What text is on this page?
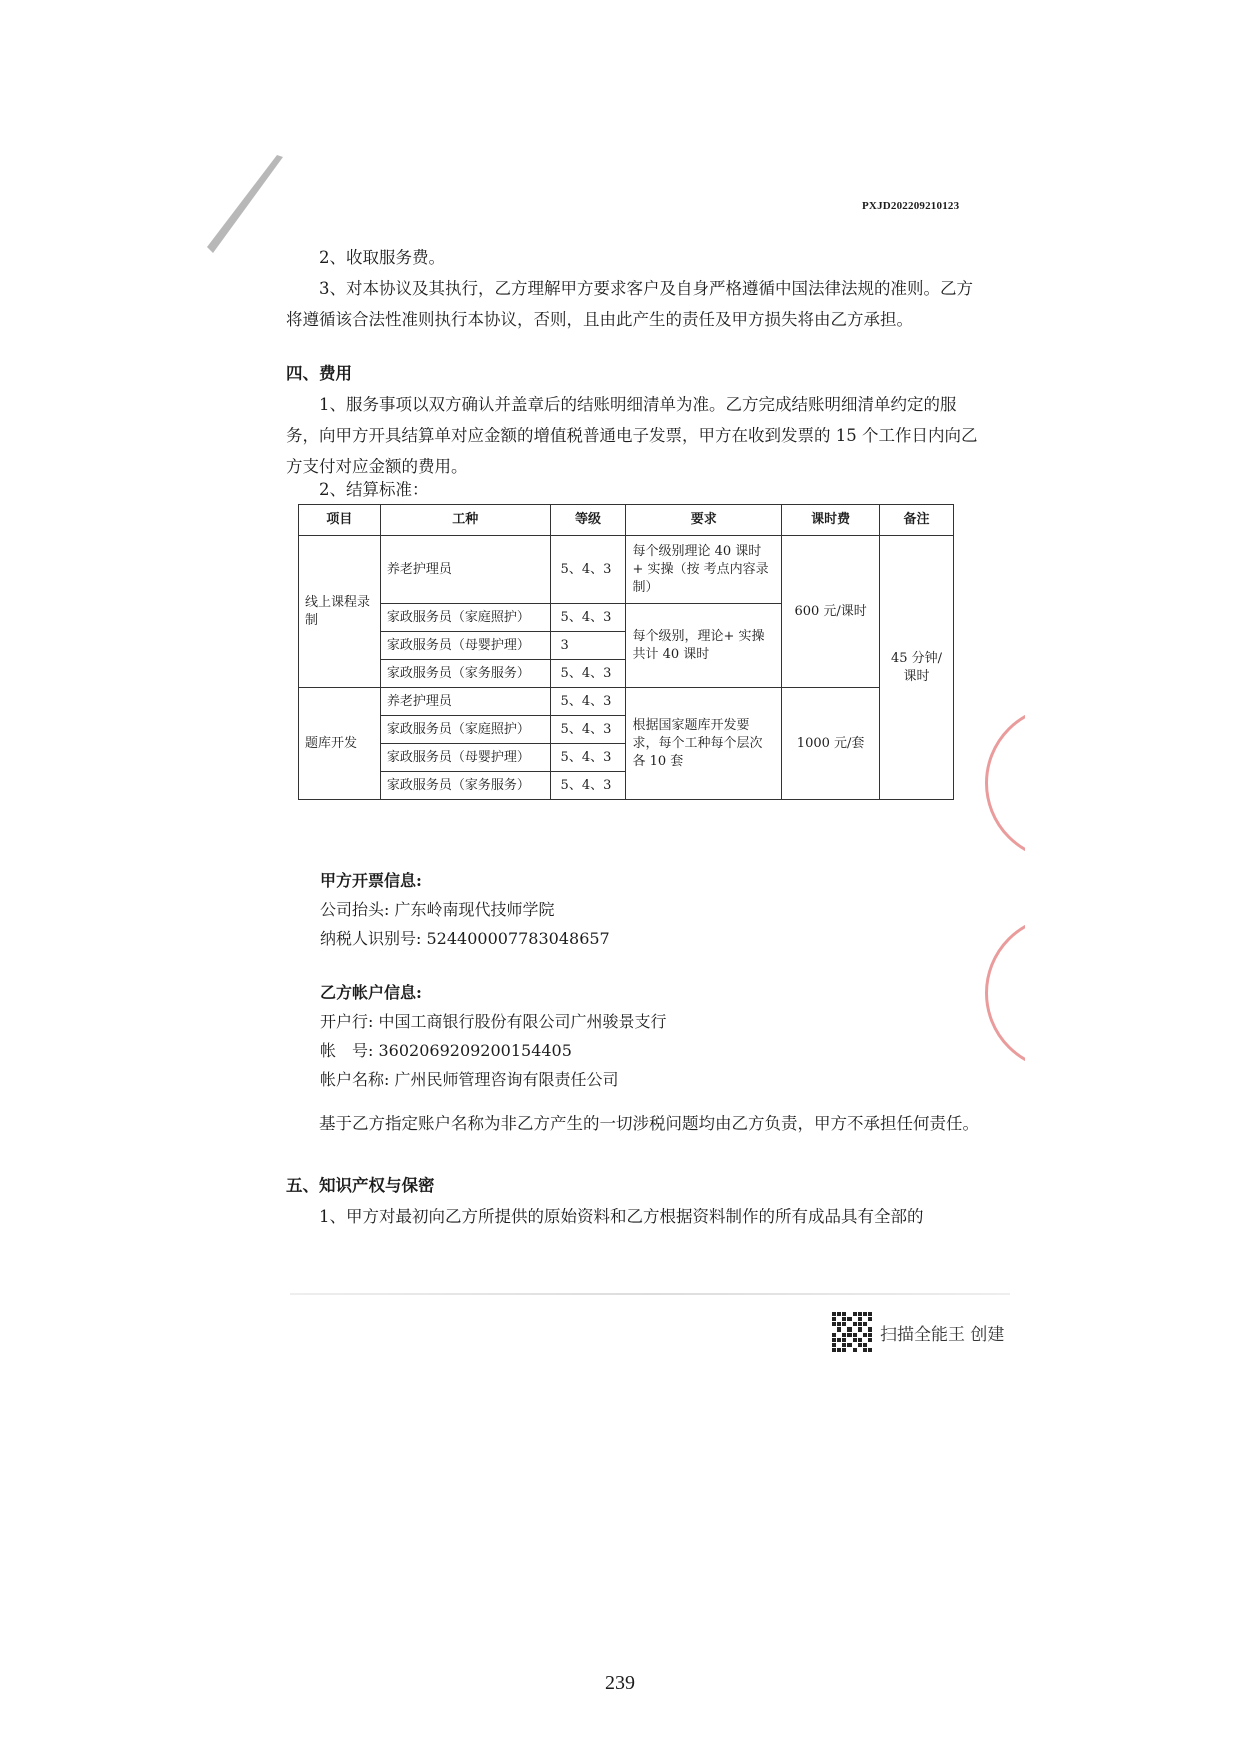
PXJD202209210123

2、收取服务费。

3、对本协议及其执行，乙方理解甲方要求客户及自身严格遵循中国法律法规的准则。乙方将遵循该合法性准则执行本协议，否则，且由此产生的责任及甲方损失将由乙方承担。

四、费用

1、服务事项以双方确认并盖章后的结账明细清单为准。乙方完成结账明细清单约定的服务，向甲方开具结算单对应金额的增值税普通电子发票，甲方在收到发票的 15 个工作日内向乙方支付对应金额的费用。

2、结算标准：

项目	工种	等级	要求	课时费	备注
线上课程录制	养老护理员	5、4、3	每个级别理论 40 课时 + 实操（按 考点内容录制）	600 元/课时	45 分钟/课时
	家政服务员（家庭照护）	5、4、3	每个级别，理论+ 实操共计 40 课时		
	家政服务员（母婴护理）	3			
	家政服务员（家务服务）	5、4、3			
题库开发	养老护理员	5、4、3	根据国家题库开发要求，每个工种每个层次各 10 套	1000 元/套	
	家政服务员（家庭照护）	5、4、3			
	家政服务员（母婴护理）	5、4、3			
	家政服务员（家务服务）	5、4、3			
甲方开票信息:
公司抬头: 广东岭南现代技师学院
纳税人识别号: 524400007783048657
乙方帐户信息:
开户行: 中国工商银行股份有限公司广州骏景支行
帐　号: 3602069209200154405
帐户名称: 广州民师管理咨询有限责任公司

基于乙方指定账户名称为非乙方产生的一切涉税问题均由乙方负责，甲方不承担任何责任。

五、知识产权与保密

1、甲方对最初向乙方所提供的原始资料和乙方根据资料制作的所有成品具有全部的

扫描全能王 创建
239
